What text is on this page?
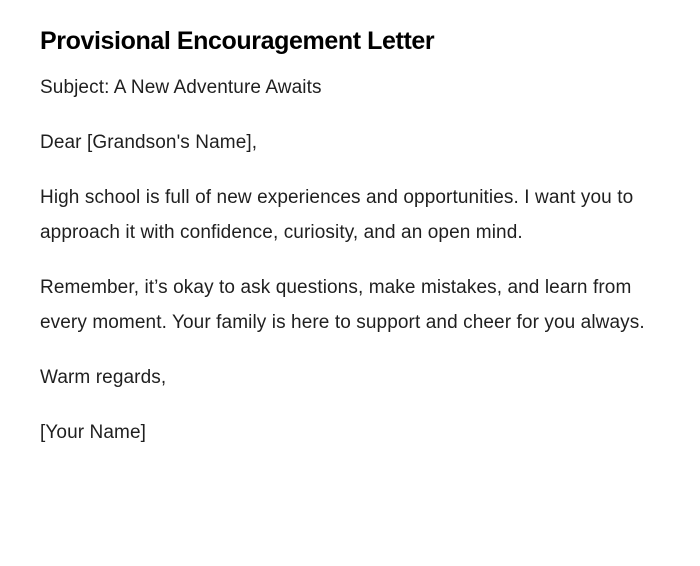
Provisional Encouragement Letter

Subject: A New Adventure Awaits

Dear [Grandson's Name],

High school is full of new experiences and opportunities. I want you to approach it with confidence, curiosity, and an open mind.

Remember, it’s okay to ask questions, make mistakes, and learn from every moment. Your family is here to support and cheer for you always.

Warm regards,

[Your Name]
